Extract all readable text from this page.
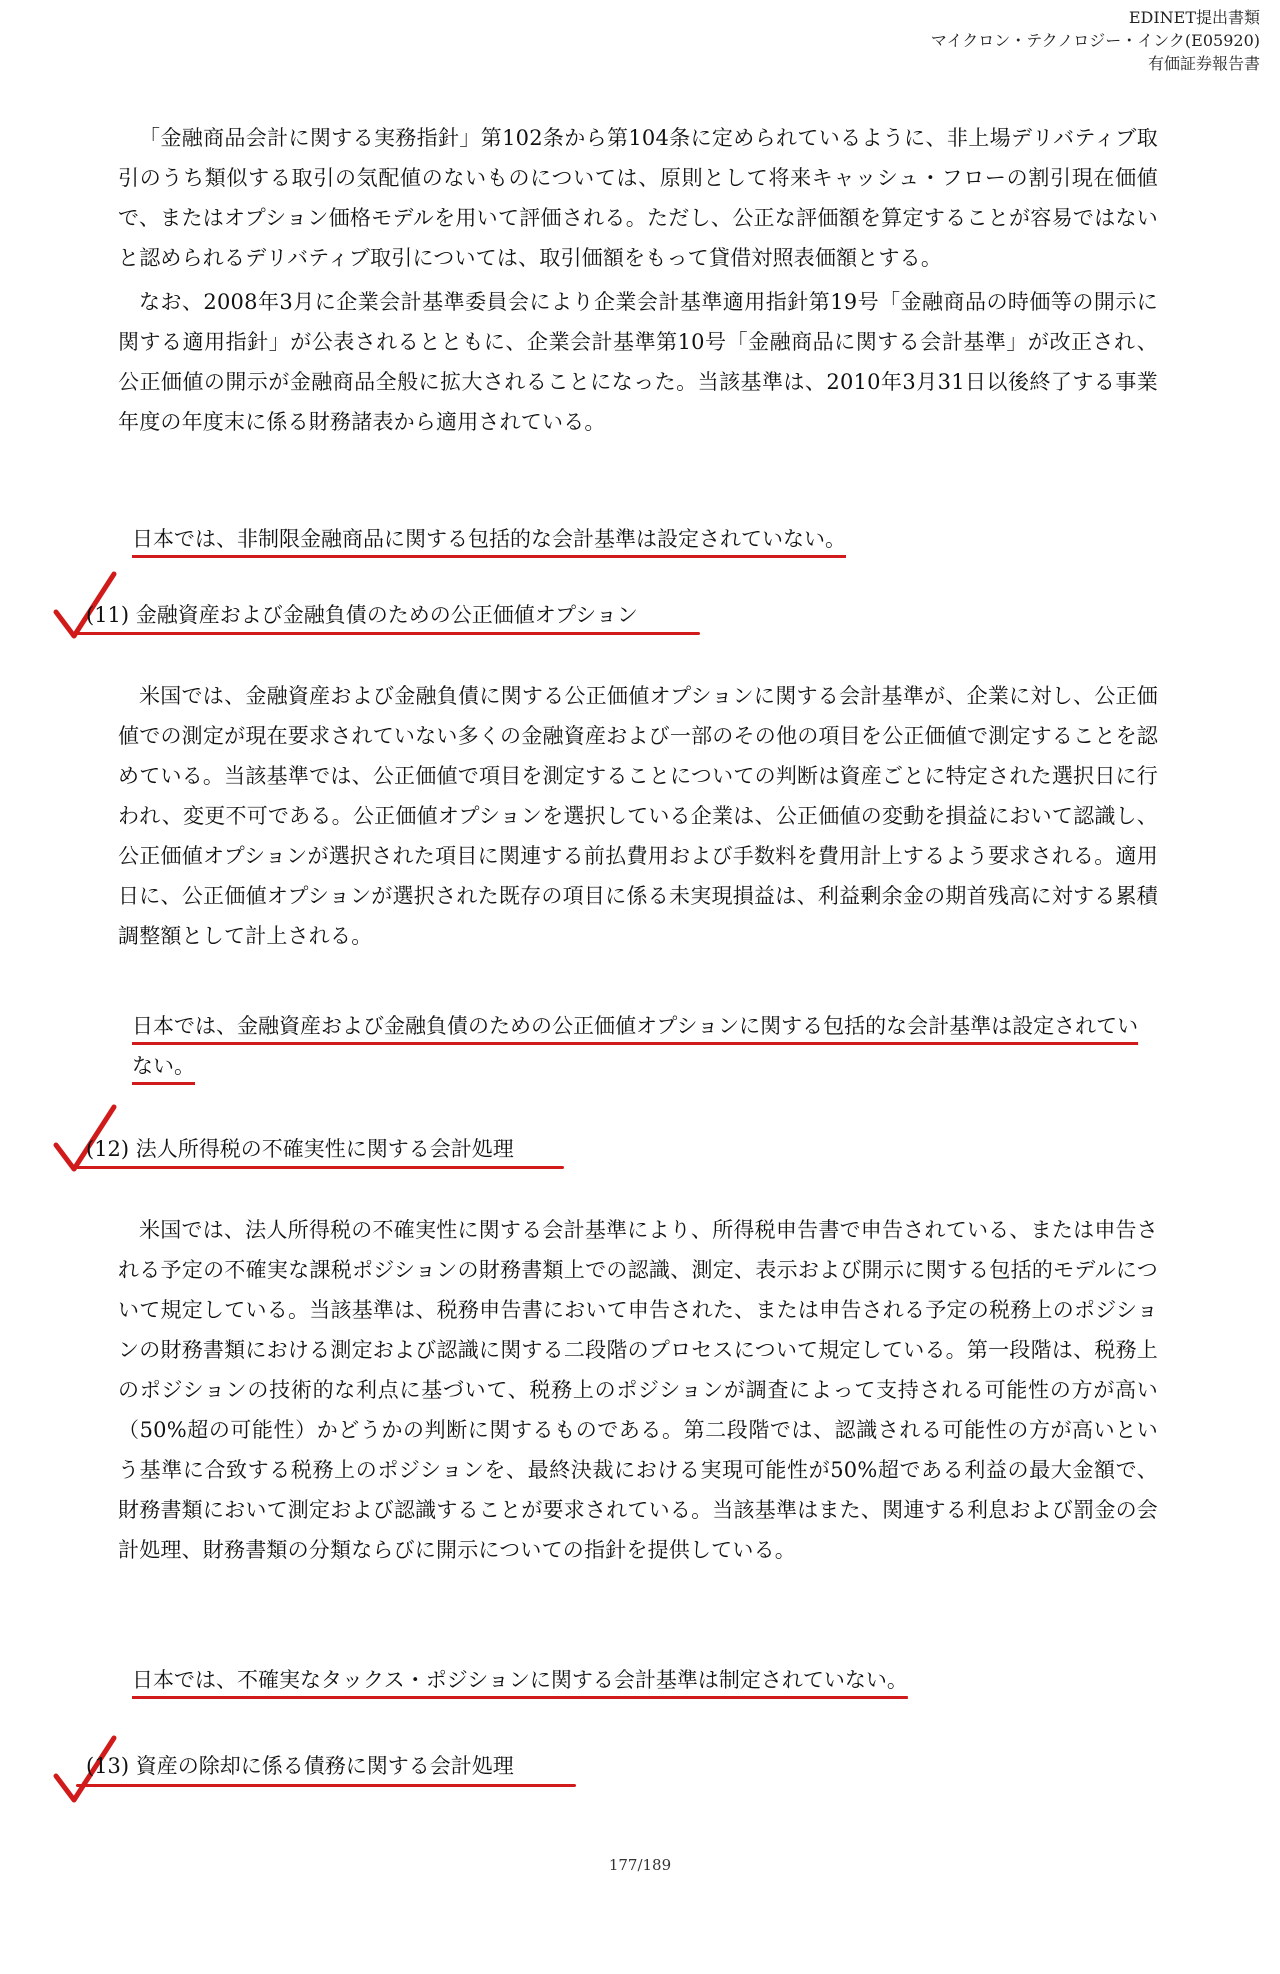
EDINET提出書類
マイクロン・テクノロジー・インク(E05920)
有価証券報告書

「金融商品会計に関する実務指針」第102条から第104条に定められているように、非上場デリバティブ取引のうち類似する取引の気配値のないものについては、原則として将来キャッシュ・フローの割引現在価値で、またはオプション価格モデルを用いて評価される。ただし、公正な評価額を算定することが容易ではないと認められるデリバティブ取引については、取引価額をもって貸借対照表価額とする。

なお、2008年3月に企業会計基準委員会により企業会計基準適用指針第19号「金融商品の時価等の開示に関する適用指針」が公表されるとともに、企業会計基準第10号「金融商品に関する会計基準」が改正され、公正価値の開示が金融商品全般に拡大されることになった。当該基準は、2010年3月31日以後終了する事業年度の年度末に係る財務諸表から適用されている。

日本では、非制限金融商品に関する包括的な会計基準は設定されていない。

(11) 金融資産および金融負債のための公正価値オプション

米国では、金融資産および金融負債に関する公正価値オプションに関する会計基準が、企業に対し、公正価値での測定が現在要求されていない多くの金融資産および一部のその他の項目を公正価値で測定することを認めている。当該基準では、公正価値で項目を測定することについての判断は資産ごとに特定された選択日に行われ、変更不可である。公正価値オプションを選択している企業は、公正価値の変動を損益において認識し、公正価値オプションが選択された項目に関連する前払費用および手数料を費用計上するよう要求される。適用日に、公正価値オプションが選択された既存の項目に係る未実現損益は、利益剰余金の期首残高に対する累積調整額として計上される。

日本では、金融資産および金融負債のための公正価値オプションに関する包括的な会計基準は設定されていない。

(12) 法人所得税の不確実性に関する会計処理

米国では、法人所得税の不確実性に関する会計基準により、所得税申告書で申告されている、または申告される予定の不確実な課税ポジションの財務書類上での認識、測定、表示および開示に関する包括的モデルについて規定している。当該基準は、税務申告書において申告された、または申告される予定の税務上のポジションの財務書類における測定および認識に関する二段階のプロセスについて規定している。第一段階は、税務上のポジションの技術的な利点に基づいて、税務上のポジションが調査によって支持される可能性の方が高い（50%超の可能性）かどうかの判断に関するものである。第二段階では、認識される可能性の方が高いという基準に合致する税務上のポジションを、最終決裁における実現可能性が50%超である利益の最大金額で、財務書類において測定および認識することが要求されている。当該基準はまた、関連する利息および罰金の会計処理、財務書類の分類ならびに開示についての指針を提供している。

日本では、不確実なタックス・ポジションに関する会計基準は制定されていない。

(13) 資産の除却に係る債務に関する会計処理
177/189
